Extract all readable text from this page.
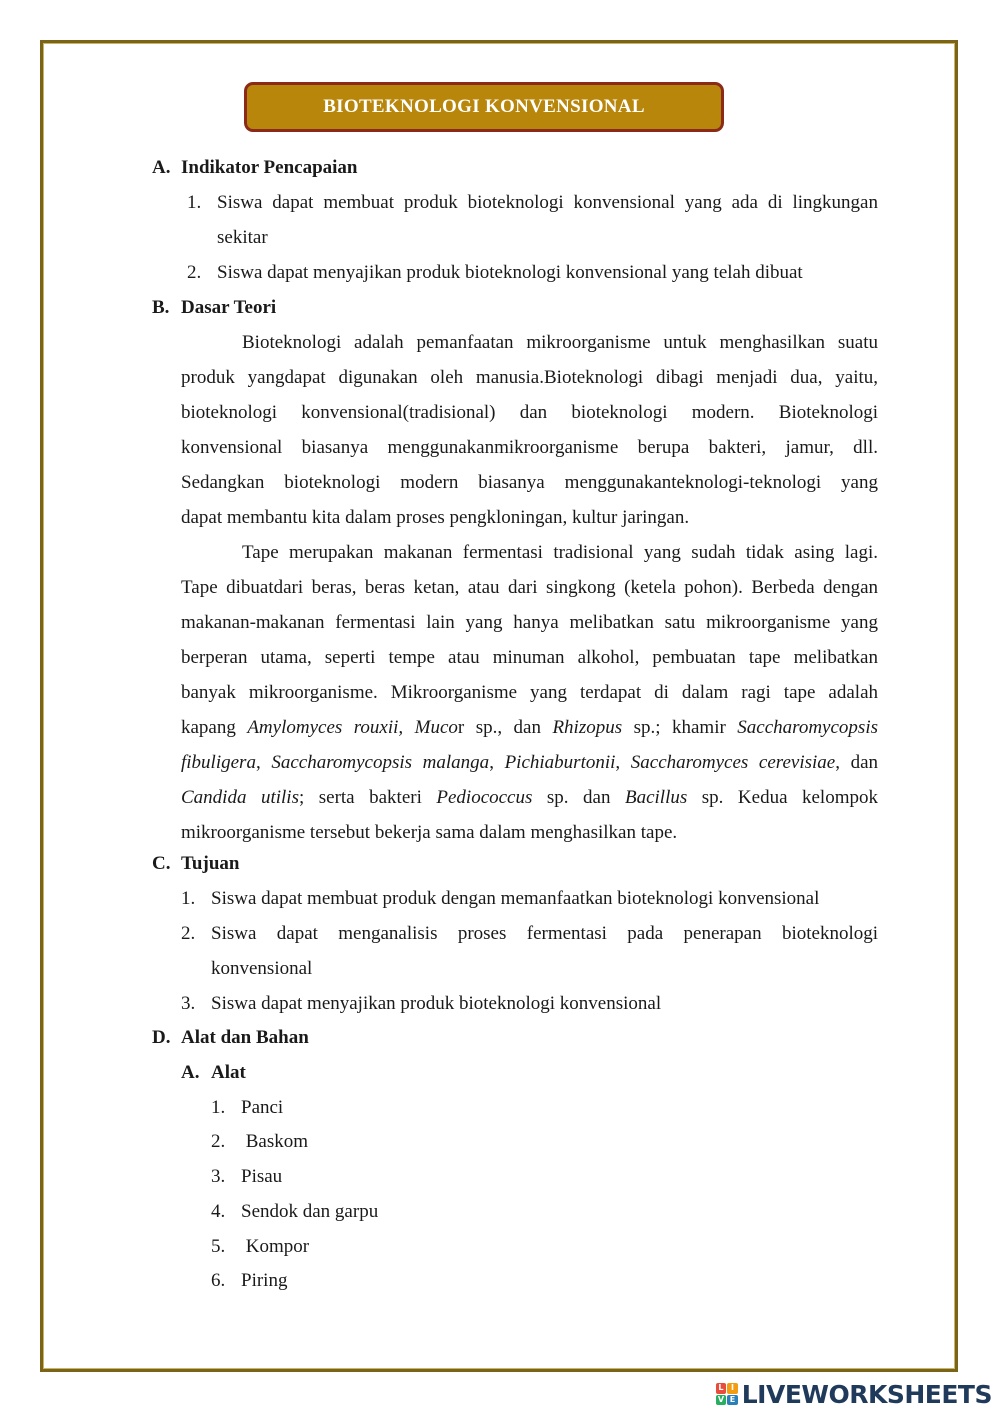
BIOTEKNOLOGI KONVENSIONAL
A. Indikator Pencapaian
1. Siswa dapat membuat produk bioteknologi konvensional yang ada di lingkungan
sekitar
2. Siswa dapat menyajikan produk bioteknologi konvensional yang telah dibuat
B. Dasar Teori
Bioteknologi adalah pemanfaatan mikroorganisme untuk menghasilkan suatu
produk yangdapat digunakan oleh manusia.Bioteknologi dibagi menjadi dua, yaitu,
bioteknologi konvensional(tradisional) dan bioteknologi modern. Bioteknologi
konvensional biasanya menggunakanmikroorganisme berupa bakteri, jamur, dll.
Sedangkan bioteknologi modern biasanya menggunakanteknologi-teknologi yang
dapat membantu kita dalam proses pengkloningan, kultur jaringan.
Tape merupakan makanan fermentasi tradisional yang sudah tidak asing lagi.
Tape dibuatdari beras, beras ketan, atau dari singkong (ketela pohon). Berbeda dengan
makanan-makanan fermentasi lain yang hanya melibatkan satu mikroorganisme yang
berperan utama, seperti tempe atau minuman alkohol, pembuatan tape melibatkan
banyak mikroorganisme. Mikroorganisme yang terdapat di dalam ragi tape adalah
kapang Amylomyces rouxii, Mucor sp., dan Rhizopus sp.; khamir Saccharomycopsis
fibuligera, Saccharomycopsis malanga, Pichiaburtonii, Saccharomyces cerevisiae, dan
Candida utilis; serta bakteri Pediococcus sp. dan Bacillus sp. Kedua kelompok
mikroorganisme tersebut bekerja sama dalam menghasilkan tape.
C. Tujuan
1. Siswa dapat membuat produk dengan memanfaatkan bioteknologi konvensional
2. Siswa dapat menganalisis proses fermentasi pada penerapan bioteknologi
konvensional
3. Siswa dapat menyajikan produk bioteknologi konvensional
D. Alat dan Bahan
A. Alat
1. Panci
2. Baskom
3. Pisau
4. Sendok dan garpu
5. Kompor
6. Piring
L I
V E LIVEWORKSHEETS
